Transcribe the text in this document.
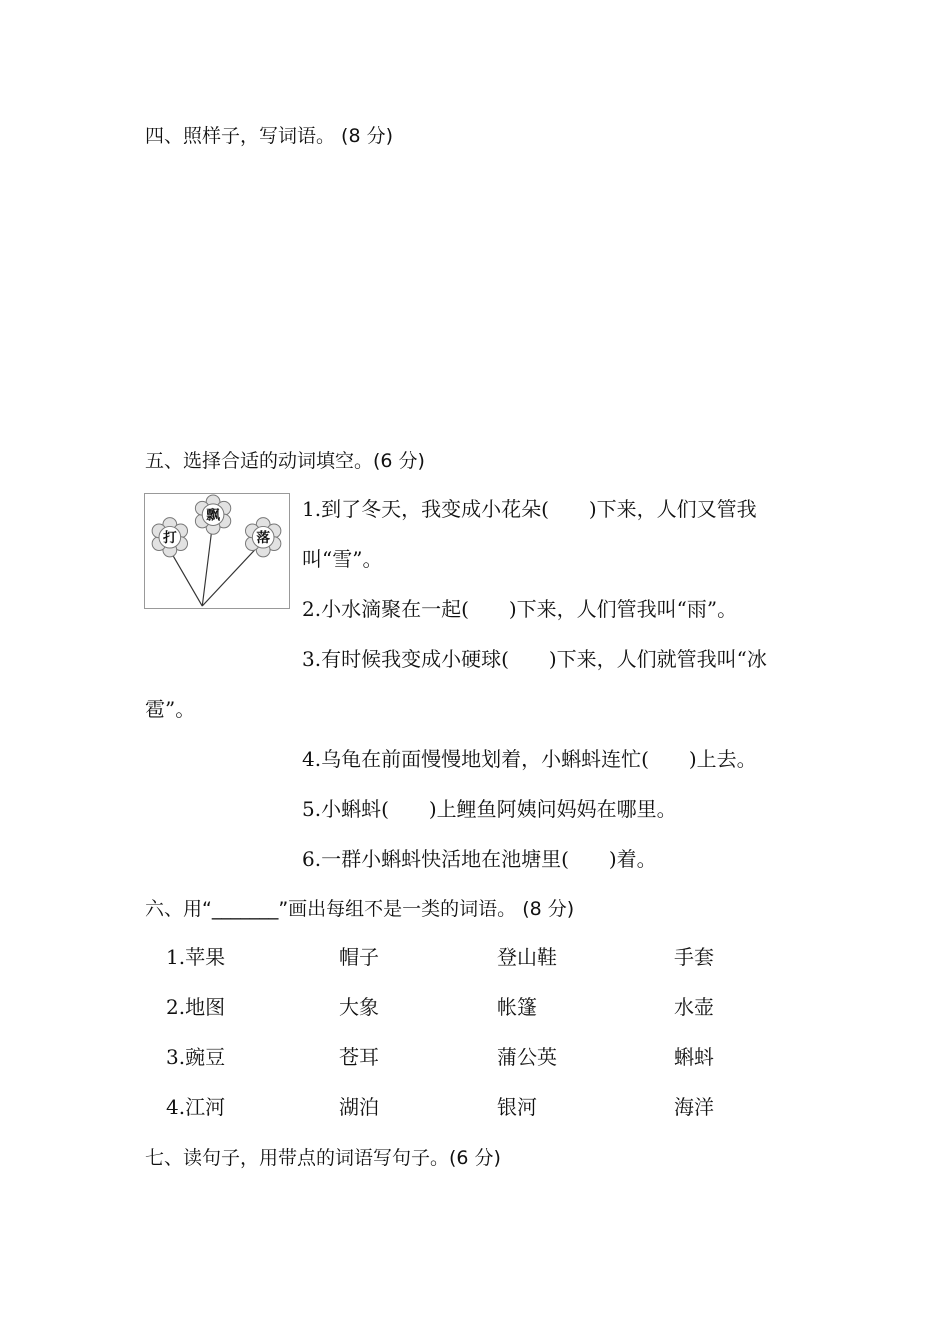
四、照样子，写词语。 (8 分)
五、选择合适的动词填空。(6 分)
飘
打	落
1.到了冬天，我变成小花朵(　　)下来，人们又管我
叫“雪”。
2.小水滴聚在一起(　　)下来，人们管我叫“雨”。
3.有时候我变成小硬球(　　)下来，人们就管我叫“冰
雹”。
4.乌龟在前面慢慢地划着，小蝌蚪连忙(　　)上去。
5.小蝌蚪(　　)上鲤鱼阿姨问妈妈在哪里。
6.一群小蝌蚪快活地在池塘里(　　)着。
六、用“_______”画出每组不是一类的词语。 (8 分)
1.苹果	帽子	登山鞋	手套
2.地图	大象	帐篷	水壶
3.豌豆	苍耳	蒲公英	蝌蚪
4.江河	湖泊	银河	海洋
七、读句子，用带点的词语写句子。(6 分)
